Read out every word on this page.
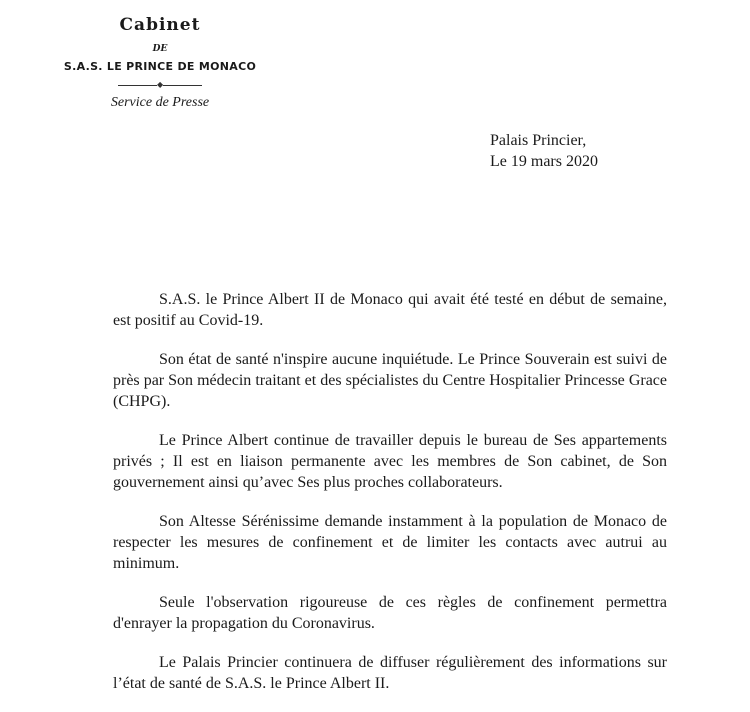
Cabinet
DE
S.A.S. LE PRINCE DE MONACO
◆
Service de Presse
Palais Princier,
Le 19 mars 2020

S.A.S. le Prince Albert II de Monaco qui avait été testé en début de semaine, est positif au Covid-19.

Son état de santé n'inspire aucune inquiétude. Le Prince Souverain est suivi de près par Son médecin traitant et des spécialistes du Centre Hospitalier Princesse Grace (CHPG).

Le Prince Albert continue de travailler depuis le bureau de Ses appartements privés ; Il est en liaison permanente avec les membres de Son cabinet, de Son gouvernement ainsi qu’avec Ses plus proches collaborateurs.

Son Altesse Sérénissime demande instamment à la population de Monaco de respecter les mesures de confinement et de limiter les contacts avec autrui au minimum.

Seule l'observation rigoureuse de ces règles de confinement permettra d'enrayer la propagation du Coronavirus.

Le Palais Princier continuera de diffuser régulièrement des informations sur l’état de santé de S.A.S. le Prince Albert II.
